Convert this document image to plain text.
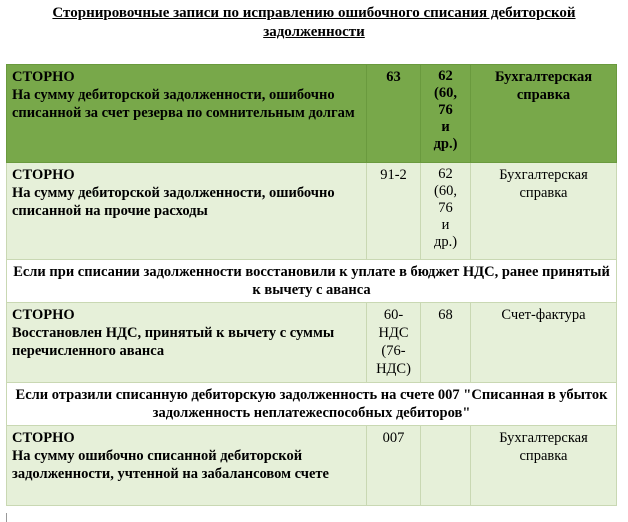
Сторнировочные записи по исправлению ошибочного списания дебиторской
задолженности
СТОРНО
На сумму дебиторской задолженности, ошибочно списанной за счет резерва по сомнительным долгам	63	62
(60,
76
и
др.)	Бухгалтерская справка

СТОРНО
На сумму дебиторской задолженности, ошибочно списанной на прочие расходы	91-2	62
(60,
76
и
др.)	Бухгалтерская справка
Если при списании задолженности восстановили к уплате в бюджет НДС, ранее принятый к вычету с аванса			

СТОРНО
Восстановлен НДС, принятый к вычету с суммы перечисленного аванса	60-
НДС
(76-
НДС)	68	Счет-фактура
Если отразили списанную дебиторскую задолженность на счете 007 "Списанная в убыток задолженность неплатежеспособных дебиторов"			

СТОРНО
На сумму ошибочно списанной дебиторской задолженности, учтенной на забалансовом счете	007		Бухгалтерская справка
